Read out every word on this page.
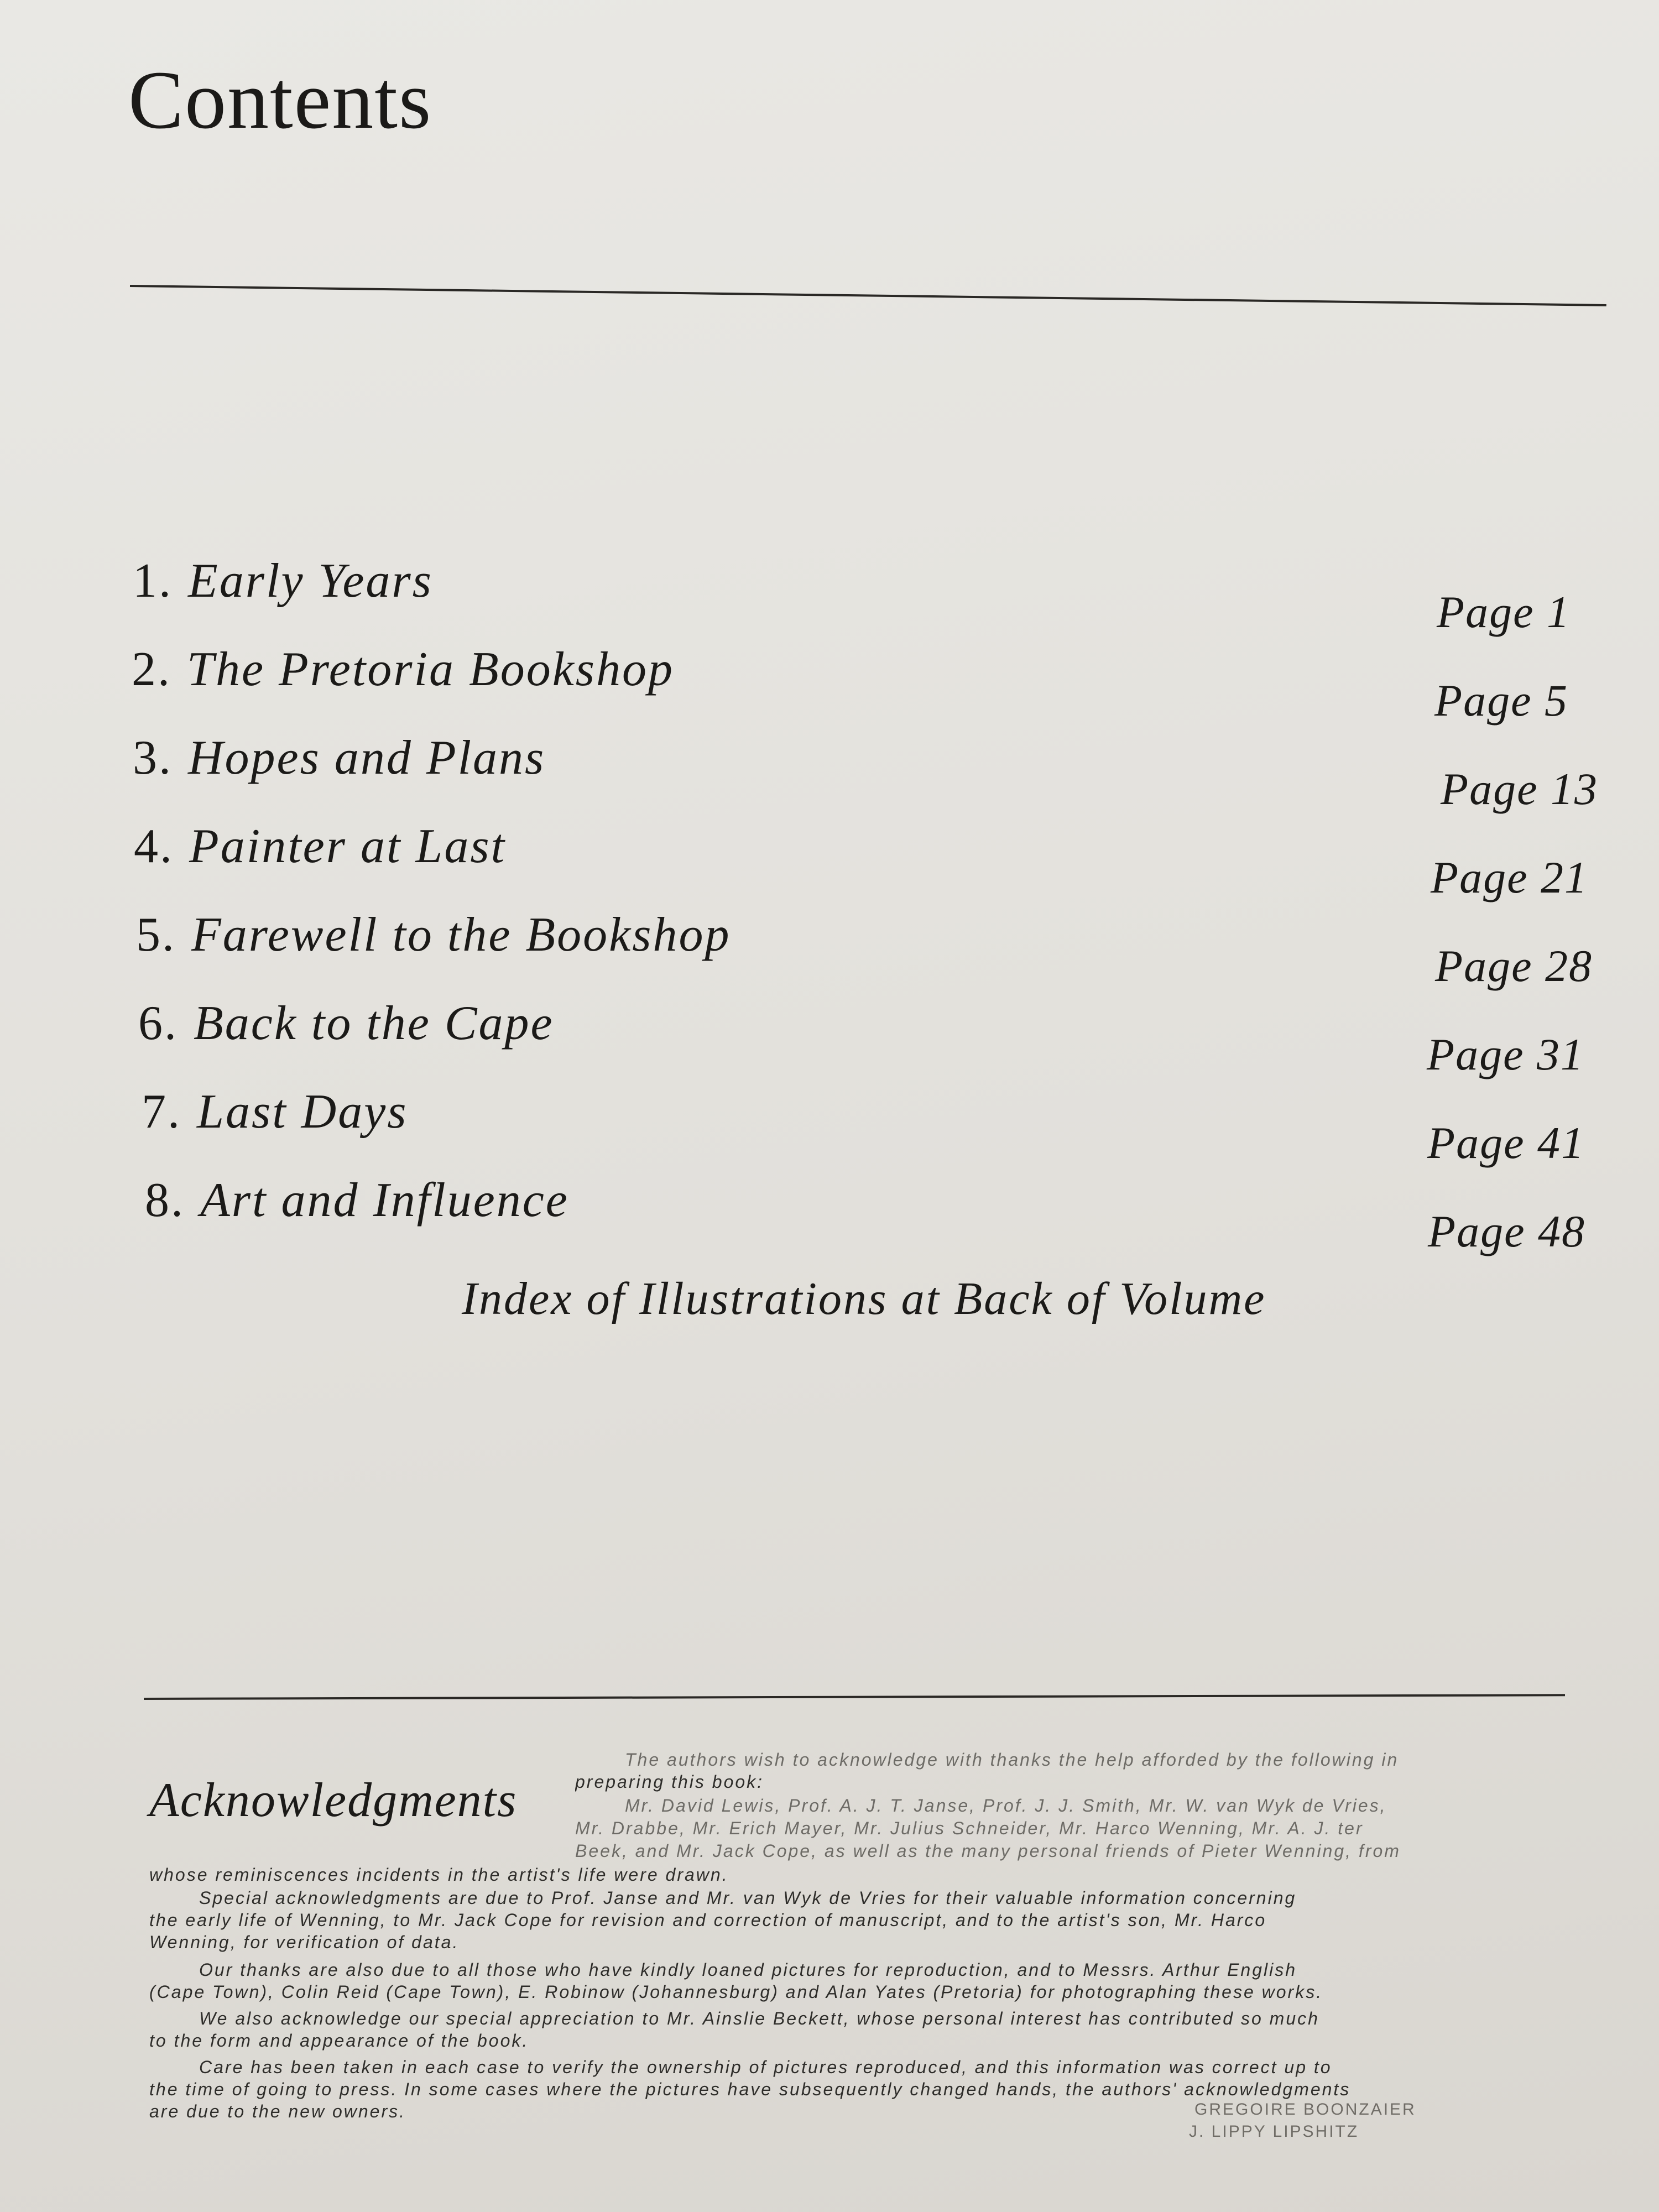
Contents
1. Early Years
Page 1
2. The Pretoria Bookshop
Page 5
3. Hopes and Plans
Page 13
4. Painter at Last
Page 21
5. Farewell to the Bookshop
Page 28
6. Back to the Cape
Page 31
7. Last Days
Page 41
8. Art and Influence
Page 48
Index of Illustrations at Back of Volume
Acknowledgments
The authors wish to acknowledge with thanks the help afforded by the following in
preparing this book:
Mr. David Lewis, Prof. A. J. T. Janse, Prof. J. J. Smith, Mr. W. van Wyk de Vries,
Mr. Drabbe, Mr. Erich Mayer, Mr. Julius Schneider, Mr. Harco Wenning, Mr. A. J. ter
Beek, and Mr. Jack Cope, as well as the many personal friends of Pieter Wenning, from
whose reminiscences incidents in the artist's life were drawn.
Special acknowledgments are due to Prof. Janse and Mr. van Wyk de Vries for their valuable information concerning
the early life of Wenning, to Mr. Jack Cope for revision and correction of manuscript, and to the artist's son, Mr. Harco
Wenning, for verification of data.
Our thanks are also due to all those who have kindly loaned pictures for reproduction, and to Messrs. Arthur English
(Cape Town), Colin Reid (Cape Town), E. Robinow (Johannesburg) and Alan Yates (Pretoria) for photographing these works.
We also acknowledge our special appreciation to Mr. Ainslie Beckett, whose personal interest has contributed so much
to the form and appearance of the book.
Care has been taken in each case to verify the ownership of pictures reproduced, and this information was correct up to
the time of going to press. In some cases where the pictures have subsequently changed hands, the authors' acknowledgments
are due to the new owners.	GREGOIRE BOONZAIER
J. LIPPY LIPSHITZ
